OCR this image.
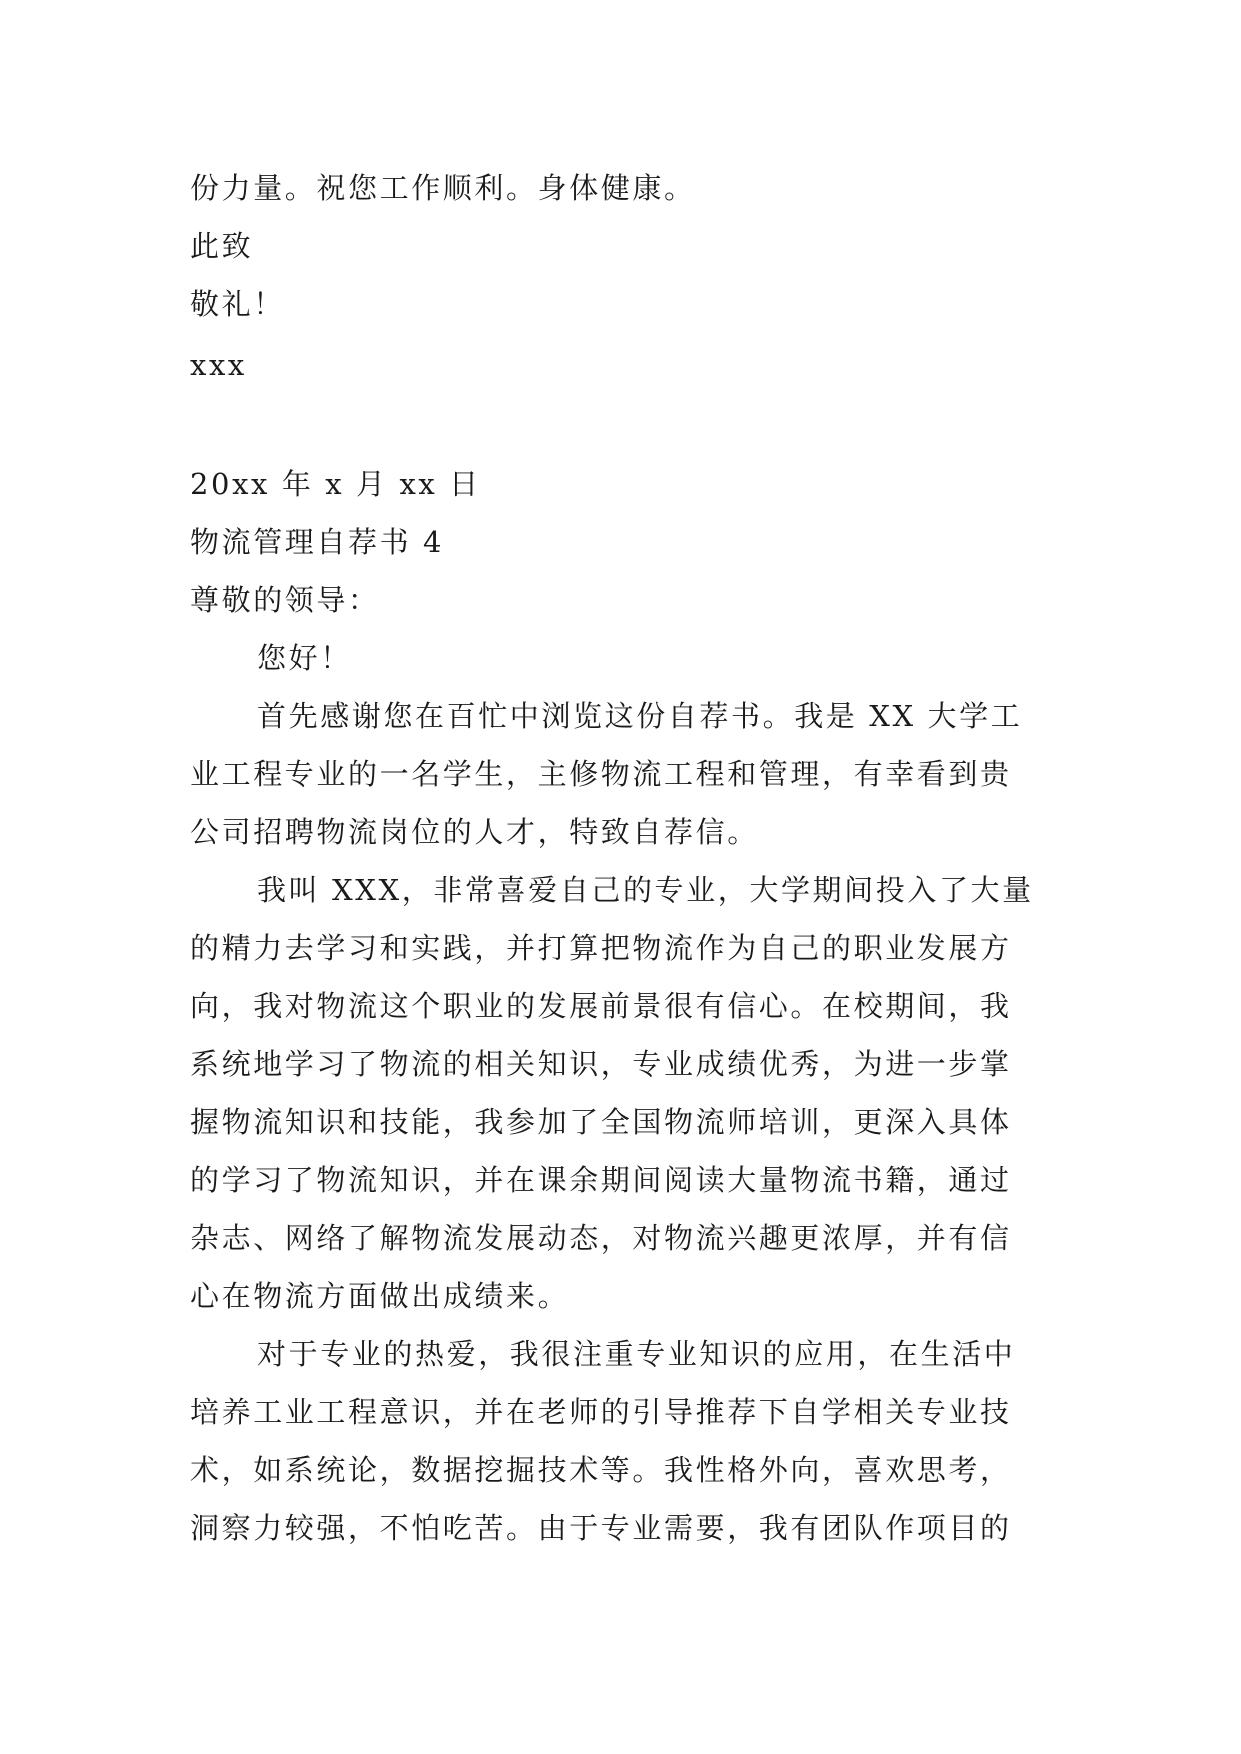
份力量。祝您工作顺利。身体健康。
此致
敬礼！
xxx
20xx 年 x 月 xx 日
物流管理自荐书 4
尊敬的领导：
您好！
首先感谢您在百忙中浏览这份自荐书。我是 XX 大学工
业工程专业的一名学生，主修物流工程和管理，有幸看到贵
公司招聘物流岗位的人才，特致自荐信。
我叫 XXX，非常喜爱自己的专业，大学期间投入了大量
的精力去学习和实践，并打算把物流作为自己的职业发展方
向，我对物流这个职业的发展前景很有信心。在校期间，我
系统地学习了物流的相关知识，专业成绩优秀，为进一步掌
握物流知识和技能，我参加了全国物流师培训，更深入具体
的学习了物流知识，并在课余期间阅读大量物流书籍，通过
杂志、网络了解物流发展动态，对物流兴趣更浓厚，并有信
心在物流方面做出成绩来。
对于专业的热爱，我很注重专业知识的应用，在生活中
培养工业工程意识，并在老师的引导推荐下自学相关专业技
术，如系统论，数据挖掘技术等。我性格外向，喜欢思考，
洞察力较强，不怕吃苦。由于专业需要，我有团队作项目的
